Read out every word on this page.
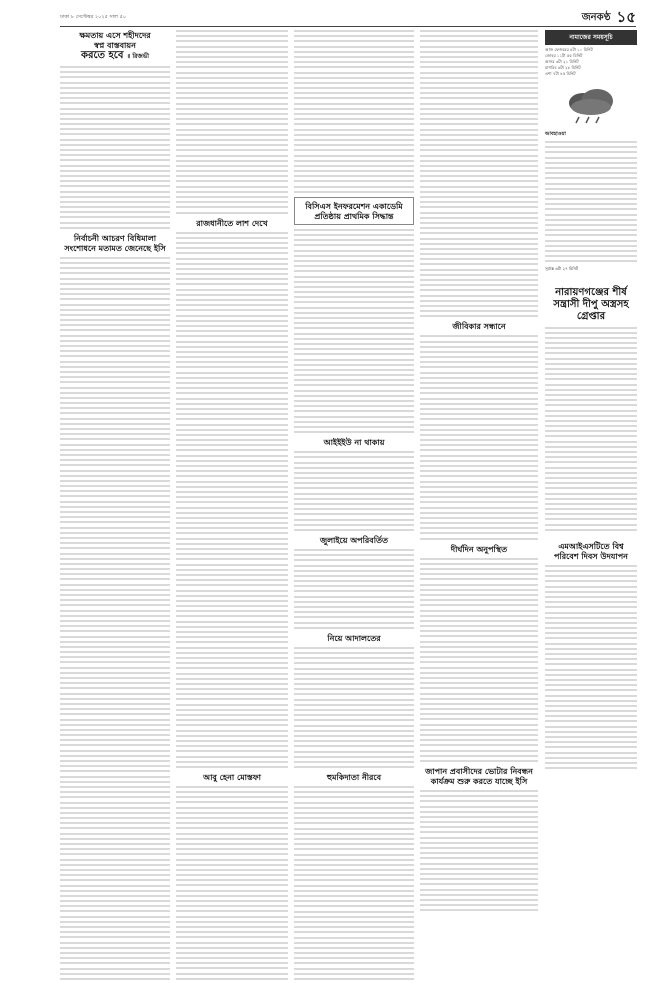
ঢাকা ৮ সেপ্টেম্বর ২০২৫ সাল ৫০	জনকণ্ঠ ১৫
ক্ষমতায় এসে শহীদদের
স্বপ্ন বাস্তবায়ন
করতে হবে ॥ রিজভী
নির্বাচনী আচরণ বিধিমালা সংশোধনে মতামত জেনেছে ইসি
রাজধানীতে লাশ দেখে
আবু হেনা মোস্তফা
বিসিএস ইনফরমেশন একাডেমি প্রতিষ্ঠায় প্রাথমিক সিদ্ধান্ত
আইইইউ না থাকায়
জুলাইয়ে অপরিবর্তিত
নিয়ে আদালতের
হুমকিদাতা নীরবে
জীবিকার সন্ধানে
দীর্ঘদিন অনুপস্থিত
জাপান প্রবাসীদের ভোটার নিবন্ধন কার্যক্রম শুরু করতে যাচ্ছে ইসি
নামাজের সময়সূচি
আজ ফেজরের ৪টা ১০ মিনিট
জোহর ১১টা ৫৫ মিনিট
আসর ৩টা ২১ মিনিট
মাগরিব ৬টা ২৮ মিনিট
এশা ৭টা ৪৫ মিনিট
আবহাওয়া
সূর্যাস্ত ৬টা ২৭ মিনিট
নারায়ণগঞ্জের শীর্ষ সন্ত্রাসী দীপু অস্ত্রসহ গ্রেপ্তার
এমআইএসটিতে বিশ্ব পরিবেশ দিবস উদযাপন
